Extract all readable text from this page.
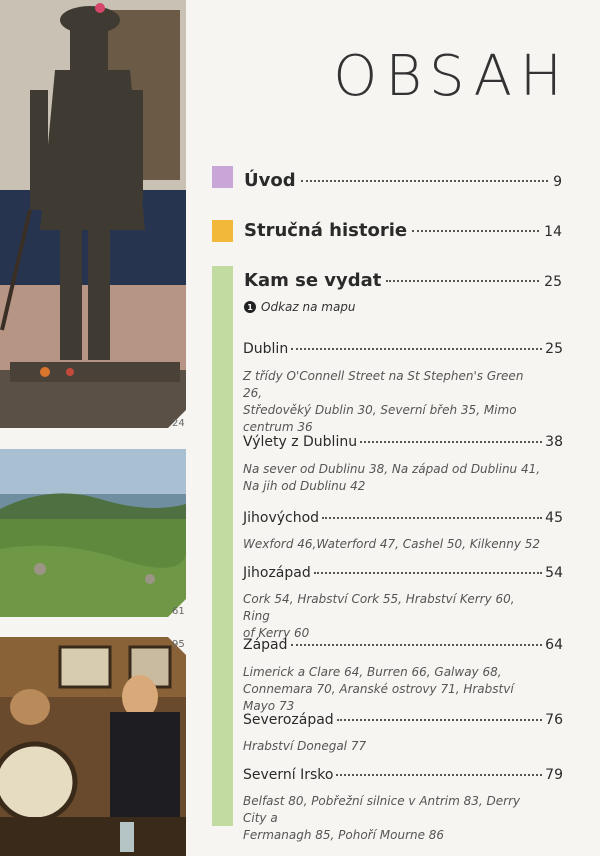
24
61
95
OBSAH
Úvod	9
Stručná historie	14
Kam se vydat	25
1 Odkaz na mapu
Dublin	25
Z třídy O'Connell Street na St Stephen's Green 26,
Středověký Dublin 30, Severní břeh 35, Mimo
centrum 36
Výlety z Dublinu	38
Na sever od Dublinu 38, Na západ od Dublinu 41,
Na jih od Dublinu 42
Jihovýchod	45
Wexford 46,Waterford 47, Cashel 50, Kilkenny 52
Jihozápad	54
Cork 54, Hrabství Cork 55, Hrabství Kerry 60, Ring
of Kerry 60
Západ	64
Limerick a Clare 64, Burren 66, Galway 68,
Connemara 70, Aranské ostrovy 71, Hrabství Mayo 73
Severozápad	76
Hrabství Donegal 77
Severní Irsko	79
Belfast 80, Pobřežní silnice v Antrim 83, Derry City a
Fermanagh 85, Pohoří Mourne 86
